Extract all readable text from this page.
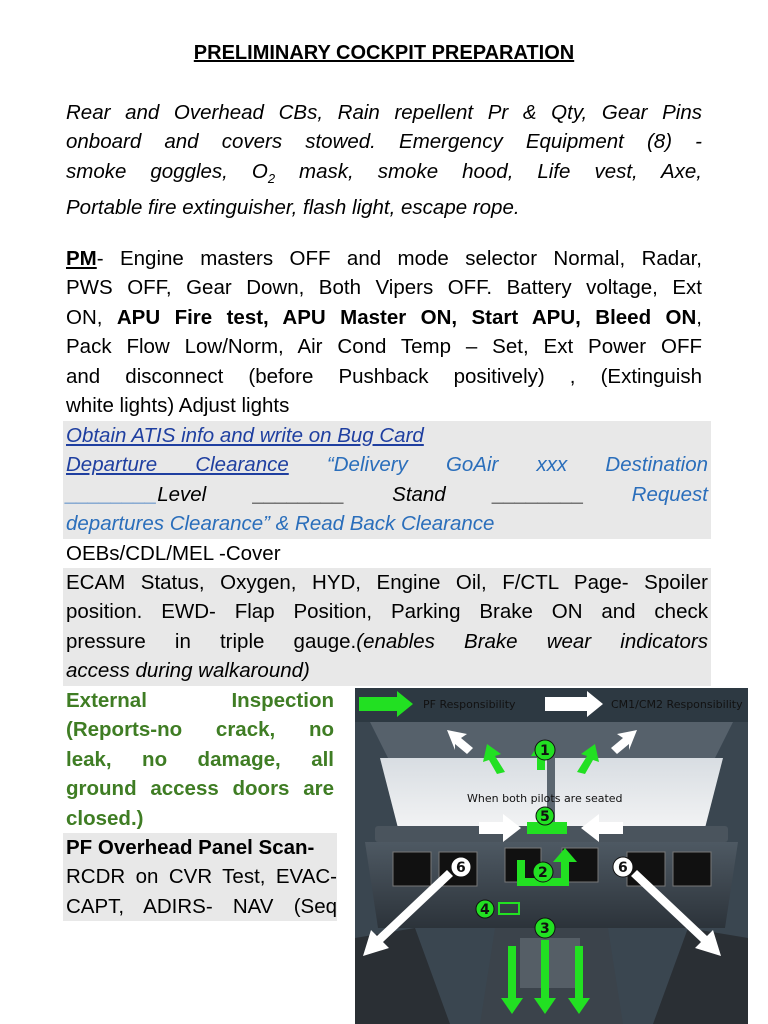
PRELIMINARY COCKPIT PREPARATION
Rear and Overhead CBs, Rain repellent Pr & Qty, Gear Pins
onboard and covers stowed. Emergency Equipment (8) -
smoke goggles, $O_2$ mask, smoke hood, Life vest, Axe,
Portable fire extinguisher, flash light, escape rope.
PM- Engine masters OFF and mode selector Normal, Radar,
PWS OFF, Gear Down, Both Vipers OFF. Battery voltage, Ext
ON, APU Fire test, APU Master ON, Start APU, Bleed ON,
Pack Flow Low/Norm, Air Cond Temp – Set, Ext Power OFF
and disconnect (before Pushback positively) , (Extinguish
white lights) Adjust lights
Obtain ATIS info and write on Bug Card
Departure Clearance “Delivery GoAir xxx Destination
________Level ________ Stand ________ Request
departures Clearance” & Read Back Clearance
OEBs/CDL/MEL -Cover
ECAM Status, Oxygen, HYD, Engine Oil, F/CTL Page- Spoiler
position. EWD- Flap Position, Parking Brake ON and check
pressure in triple gauge.(enables Brake wear indicators
access during walkaround)
External Inspection
(Reports-no crack, no
leak, no damage, all
ground access doors are
closed.)
PF Overhead Panel Scan-
RCDR on CVR Test, EVAC-
CAPT, ADIRS- NAV (Seq
PF Responsibility	CM1/CM2 Responsibility
1
When both pilots are seated
5
6	6
2
4
3
